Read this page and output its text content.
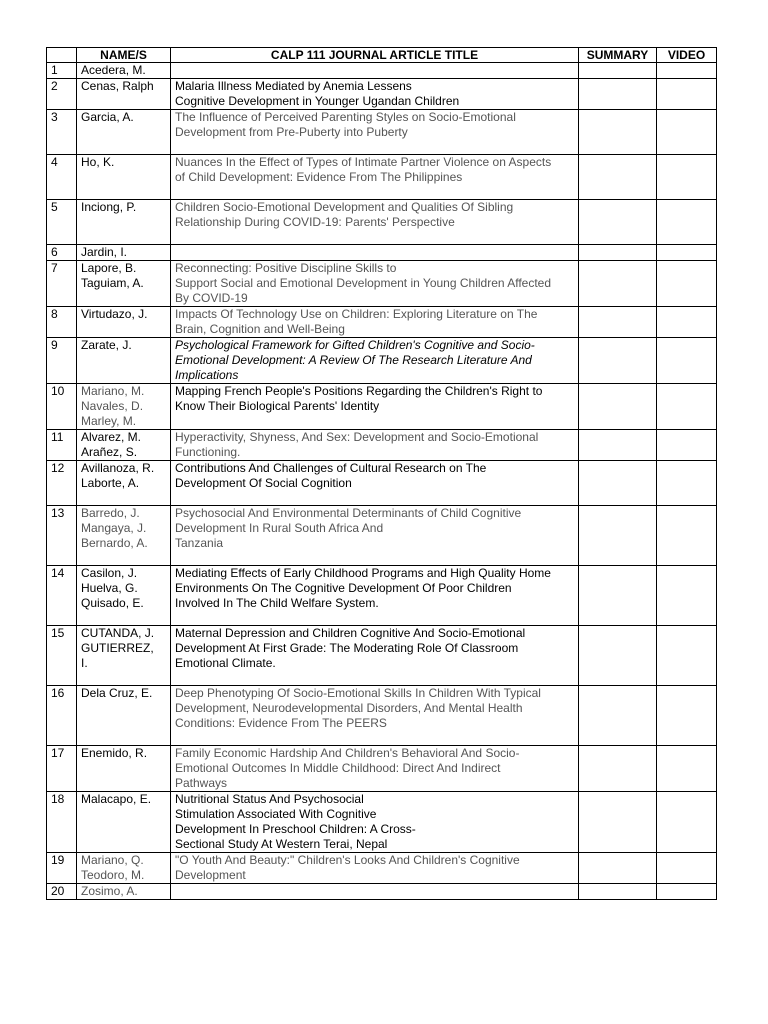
	NAME/S	CALP 111 JOURNAL ARTICLE TITLE	SUMMARY	VIDEO
1	Acedera, M.			
2	Cenas, Ralph	Malaria Illness Mediated by Anemia Lessens
Cognitive Development in Younger Ugandan Children		
3	Garcia, A.	The Influence of Perceived Parenting Styles on Socio-Emotional
Development from Pre-Puberty into Puberty		
4	Ho, K.	Nuances In the Effect of Types of Intimate Partner Violence on Aspects
of Child Development: Evidence From The Philippines		
5	Inciong, P.	Children Socio-Emotional Development and Qualities Of Sibling
Relationship During COVID-19: Parents' Perspective		
6	Jardin, I.			
7	Lapore, B.
Taguiam, A.	Reconnecting: Positive Discipline Skills to
Support Social and Emotional Development in Young Children Affected
By COVID-19		
8	Virtudazo, J.	Impacts Of Technology Use on Children: Exploring Literature on The
Brain, Cognition and Well-Being		
9	Zarate, J.	Psychological Framework for Gifted Children's Cognitive and Socio-
Emotional Development: A Review Of The Research Literature And
Implications		
10	Mariano, M.
Navales, D.
Marley, M.	Mapping French People's Positions Regarding the Children's Right to
Know Their Biological Parents' Identity		
11	Alvarez, M.
Arañez, S.	Hyperactivity, Shyness, And Sex: Development and Socio-Emotional
Functioning.		
12	Avillanoza, R.
Laborte, A.	Contributions And Challenges of Cultural Research on The
Development Of Social Cognition		
13	Barredo, J.
Mangaya, J.
Bernardo, A.	Psychosocial And Environmental Determinants of Child Cognitive
Development In Rural South Africa And
Tanzania		
14	Casilon, J.
Huelva, G.
Quisado, E.	Mediating Effects of Early Childhood Programs and High Quality Home
Environments On The Cognitive Development Of Poor Children
Involved In The Child Welfare System.		
15	CUTANDA, J.
GUTIERREZ,
I.	Maternal Depression and Children Cognitive And Socio-Emotional
Development At First Grade: The Moderating Role Of Classroom
Emotional Climate.		
16	Dela Cruz, E.	Deep Phenotyping Of Socio-Emotional Skills In Children With Typical
Development, Neurodevelopmental Disorders, And Mental Health
Conditions: Evidence From The PEERS		
17	Enemido, R.	Family Economic Hardship And Children's Behavioral And Socio-
Emotional Outcomes In Middle Childhood: Direct And Indirect
Pathways		
18	Malacapo, E.	Nutritional Status And Psychosocial
Stimulation Associated With Cognitive
Development In Preschool Children: A Cross-
Sectional Study At Western Terai, Nepal		
19	Mariano, Q.
Teodoro, M.	"O Youth And Beauty:" Children's Looks And Children's Cognitive
Development		
20	Zosimo, A.			
